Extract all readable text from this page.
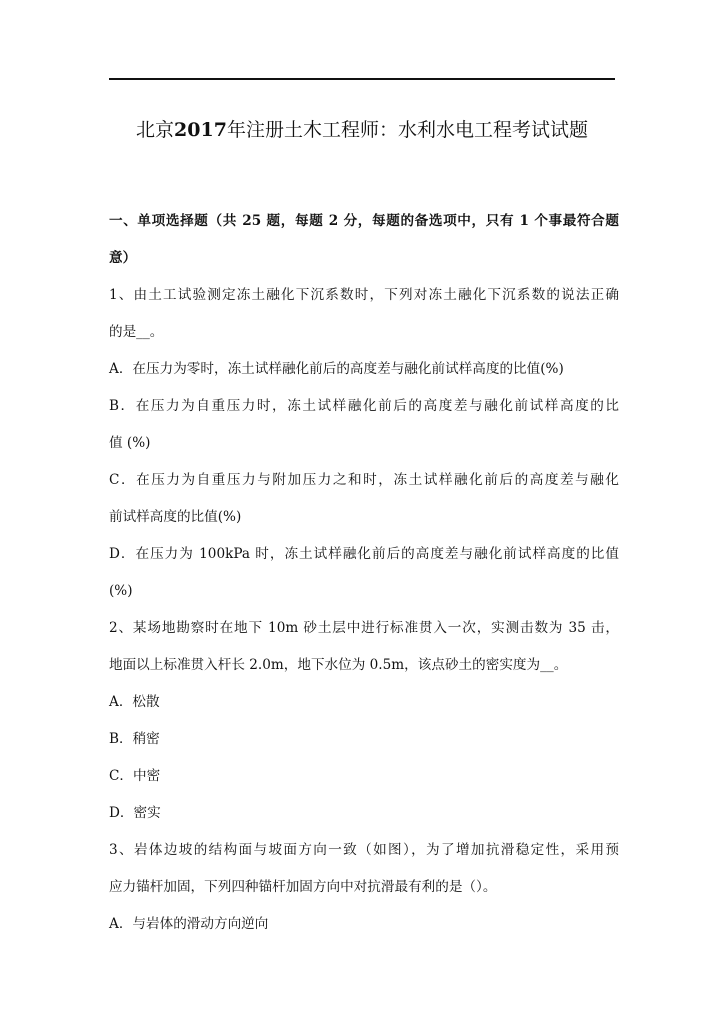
北京2017年注册土木工程师：水利水电工程考试试题
一、单项选择题（共 25 题，每题 2 分，每题的备选项中，只有 1 个事最符合题
意）
1、由土工试验测定冻土融化下沉系数时，下列对冻土融化下沉系数的说法正确
的是__。
A．在压力为零时，冻土试样融化前后的高度差与融化前试样高度的比值(%)
B．在压力为自重压力时，冻土试样融化前后的高度差与融化前试样高度的比
值 (%)
C．在压力为自重压力与附加压力之和时，冻土试样融化前后的高度差与融化
前试样高度的比值(%)
D．在压力为 100kPa 时，冻土试样融化前后的高度差与融化前试样高度的比值
(%)
2、某场地勘察时在地下 10m 砂土层中进行标准贯入一次，实测击数为 35 击，
地面以上标准贯入杆长 2.0m，地下水位为 0.5m，该点砂土的密实度为__。
A．松散
B．稍密
C．中密
D．密实
3、岩体边坡的结构面与坡面方向一致（如图），为了增加抗滑稳定性，采用预
应力锚杆加固，下列四种锚杆加固方向中对抗滑最有利的是（）。
A．与岩体的滑动方向逆向
